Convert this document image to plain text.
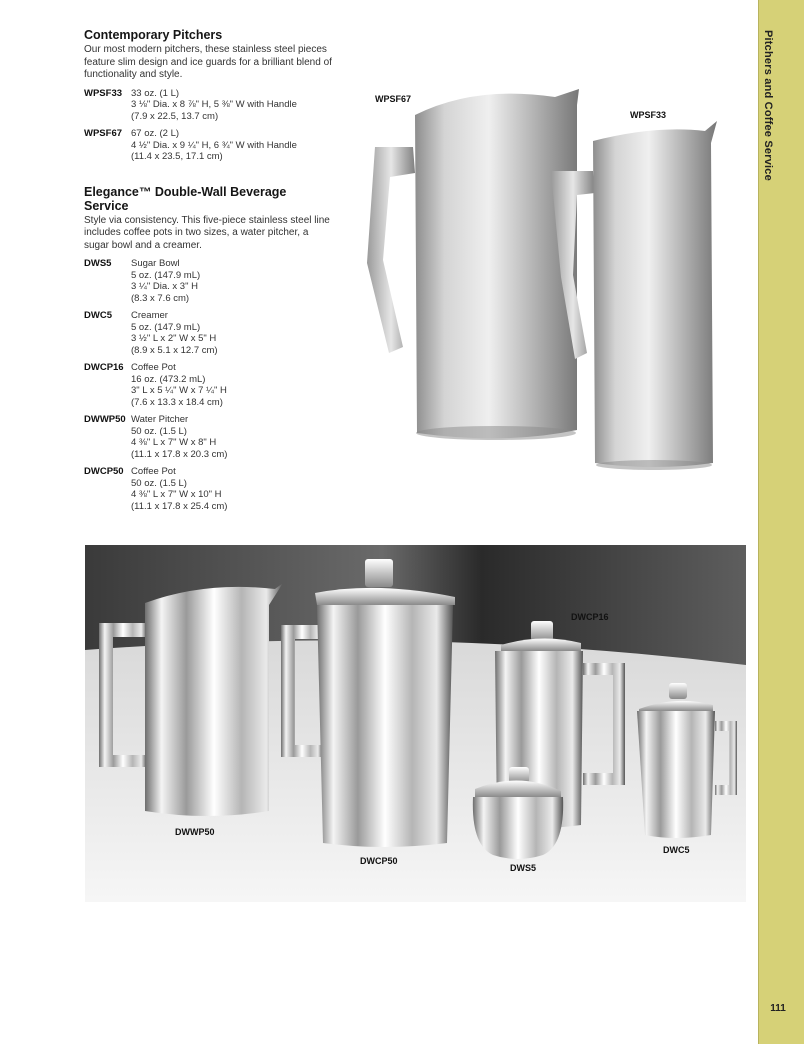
Pitchers and Coffee Service
111
Contemporary Pitchers
Our most modern pitchers, these stainless steel pieces feature slim design and ice guards for a brilliant blend of functionality and style.
WPSF33 33 oz. (1 L)
3 ⅛" Dia. x 8 ⅞" H, 5 ⅜" W with Handle
(7.9 x 22.5, 13.7 cm)
WPSF67 67 oz. (2 L)
4 ½" Dia. x 9 ¼" H, 6 ¾" W with Handle
(11.4 x 23.5, 17.1 cm)
Elegance™ Double-Wall Beverage Service
Style via consistency. This five-piece stainless steel line includes coffee pots in two sizes, a water pitcher, a sugar bowl and a creamer.
DWS5	Sugar Bowl
5 oz. (147.9 mL)
3 ¼" Dia. x 3" H
(8.3 x 7.6 cm)
DWC5	Creamer
5 oz. (147.9 mL)
3 ½" L x 2" W x 5" H
(8.9 x 5.1 x 12.7 cm)
DWCP16 Coffee Pot
16 oz. (473.2 mL)
3" L x 5 ¼" W x 7 ¼" H
(7.6 x 13.3 x 18.4 cm)
DWWP50 Water Pitcher
50 oz. (1.5 L)
4 ⅜" L x 7" W x 8" H
(11.1 x 17.8 x 20.3 cm)
DWCP50 Coffee Pot
50 oz. (1.5 L)
4 ⅜" L x 7" W x 10" H
(11.1 x 17.8 x 25.4 cm)
WPSF67
WPSF33
DWWP50
DWCP50
DWCP16
DWS5
DWC5
